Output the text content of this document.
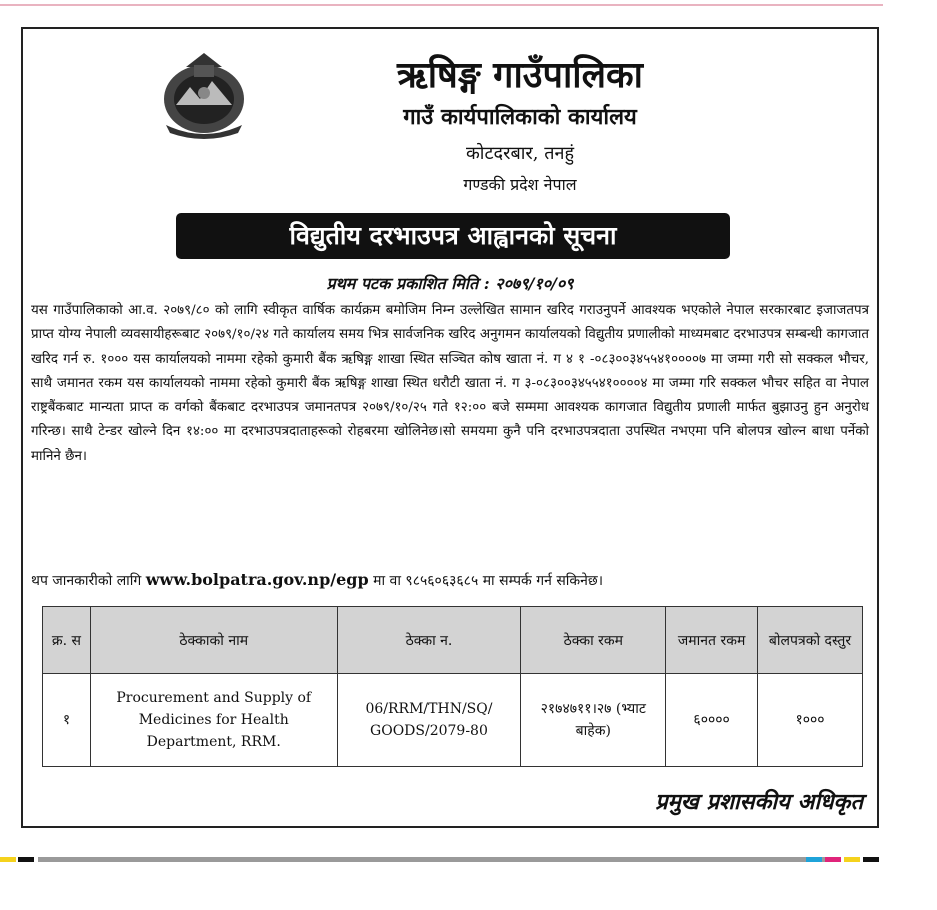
ऋषिङ्ग गाउँपालिका
गाउँ कार्यपालिकाको कार्यालय
कोटदरबार, तनहुं
गण्डकी प्रदेश नेपाल
विद्युतीय दरभाउपत्र आह्वानको सूचना
प्रथम पटक प्रकाशित मिति : २०७९/१०/०९

यस गाउँपालिकाको आ.व. २०७९/८० को लागि स्वीकृत वार्षिक कार्यक्रम बमोजिम निम्न उल्लेखित सामान खरिद गराउनुपर्ने आवश्यक भएकोले नेपाल सरकारबाट इजाजतपत्र प्राप्त योग्य नेपाली व्यवसायीहरूबाट २०७९/१०/२४ गते कार्यालय समय भित्र सार्वजनिक खरिद अनुगमन कार्यालयको विद्युतीय प्रणालीको माध्यमबाट दरभाउपत्र सम्बन्धी कागजात खरिद गर्न रु. १००० यस कार्यालयको नाममा रहेको कुमारी बैंक ऋषिङ्ग शाखा स्थित सञ्चित कोष खाता नं. ग ४ १ -०८३००३४५५४१००००७ मा जम्मा गरी सो सक्कल भौचर, साथै जमानत रकम यस कार्यालयको नाममा रहेको कुमारी बैंक ऋषिङ्ग शाखा स्थित धरौटी खाता नं. ग ३-०८३००३४५५४१००००४ मा जम्मा गरि सक्कल भौचर सहित वा नेपाल राष्ट्रबैंकबाट मान्यता प्राप्त क वर्गको बैंकबाट दरभाउपत्र जमानतपत्र २०७९/१०/२५ गते १२:०० बजे सम्ममा आवश्यक कागजात विद्युतीय प्रणाली मार्फत बुझाउनु हुन अनुरोध गरिन्छ। साथै टेन्डर खोल्ने दिन १४:०० मा दरभाउपत्रदाताहरूको रोहबरमा खोलिनेछ।सो समयमा कुनै पनि दरभाउपत्रदाता उपस्थित नभएमा पनि बोलपत्र खोल्न बाधा पर्नेको मानिने छैन।

थप जानकारीको लागि www.bolpatra.gov.np/egp मा वा ९८५६०६३६८५ मा सम्पर्क गर्न सकिनेछ।

क्र. स	ठेक्काको नाम	ठेक्का न.	ठेक्का रकम	जमानत रकम	बोलपत्रको दस्तुर
१	Procurement and Supply of Medicines for Health Department, RRM.	06/RRM/THN/SQ/ GOODS/2079-80	२१७४७११।२७ (भ्याट बाहेक)	६००००	१०००
प्रमुख प्रशासकीय अधिकृत
